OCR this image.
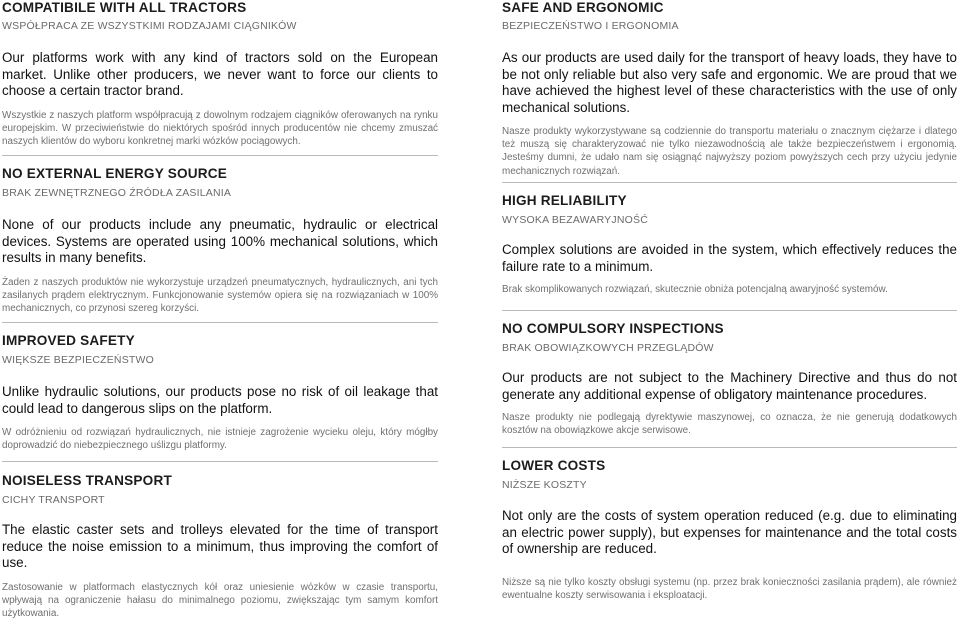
COMPATIBILE WITH ALL TRACTORS

WSPÓŁPRACA ZE WSZYSTKIMI RODZAJAMI CIĄGNIKÓW

Our platforms work with any kind of tractors sold on the European market. Unlike other producers, we never want to force our clients to choose a certain tractor brand.

Wszystkie z naszych platform współpracują z dowolnym rodzajem ciągników oferowanych na rynku europejskim. W przeciwieństwie do niektórych spośród innych producentów nie chcemy zmuszać naszych klientów do wyboru konkretnej marki wózków pociągowych.

NO EXTERNAL ENERGY SOURCE

BRAK ZEWNĘTRZNEGO ŹRÓDŁA ZASILANIA

None of our products include any pneumatic, hydraulic or electrical devices. Systems are operated using 100% mechanical solutions, which results in many benefits.

Żaden z naszych produktów nie wykorzystuje urządzeń pneumatycznych, hydraulicznych, ani tych zasilanych prądem elektrycznym. Funkcjonowanie systemów opiera się na rozwiązaniach w 100% mechanicznych, co przynosi szereg korzyści.

IMPROVED SAFETY

WIĘKSZE BEZPIECZEŃSTWO

Unlike hydraulic solutions, our products pose no risk of oil leakage that could lead to dangerous slips on the platform.

W odróżnieniu od rozwiązań hydraulicznych, nie istnieje zagrożenie wycieku oleju, który mógłby doprowadzić do niebezpiecznego uślizgu platformy.

NOISELESS TRANSPORT

CICHY TRANSPORT

The elastic caster sets and trolleys elevated for the time of transport reduce the noise emission to a minimum, thus improving the comfort of use.

Zastosowanie w platformach elastycznych kół oraz uniesienie wózków w czasie transportu, wpływają na ograniczenie hałasu do minimalnego poziomu, zwiększając tym samym komfort użytkowania.

SAFE AND ERGONOMIC

BEZPIECZEŃSTWO I ERGONOMIA

As our products are used daily for the transport of heavy loads, they have to be not only reliable but also very safe and ergonomic. We are proud that we have achieved the highest level of these characteristics with the use of only mechanical solutions.

Nasze produkty wykorzystywane są codziennie do transportu materiału o znacznym ciężarze i dlatego też muszą się charakteryzować nie tylko niezawodnością ale także bezpieczeństwem i ergonomią. Jesteśmy dumni, że udało nam się osiągnąć najwyższy poziom powyższych cech przy użyciu jedynie mechanicznych rozwiązań.

HIGH RELIABILITY

WYSOKA BEZAWARYJNOŚĆ

Complex solutions are avoided in the system, which effectively reduces the failure rate to a minimum.

Brak skomplikowanych rozwiązań, skutecznie obniża potencjalną awaryjność systemów.

NO COMPULSORY INSPECTIONS

BRAK OBOWIĄZKOWYCH PRZEGLĄDÓW

Our products are not subject to the Machinery Directive and thus do not generate any additional expense of obligatory maintenance procedures.

Nasze produkty nie podlegają dyrektywie maszynowej, co oznacza, że nie generują dodatkowych kosztów na obowiązkowe akcje serwisowe.

LOWER COSTS

NIŻSZE KOSZTY

Not only are the costs of system operation reduced (e.g. due to eliminating an electric power supply), but expenses for maintenance and the total costs of ownership are reduced.

Niższe są nie tylko koszty obsługi systemu (np. przez brak konieczności zasilania prądem), ale również ewentualne koszty serwisowania i eksploatacji.
